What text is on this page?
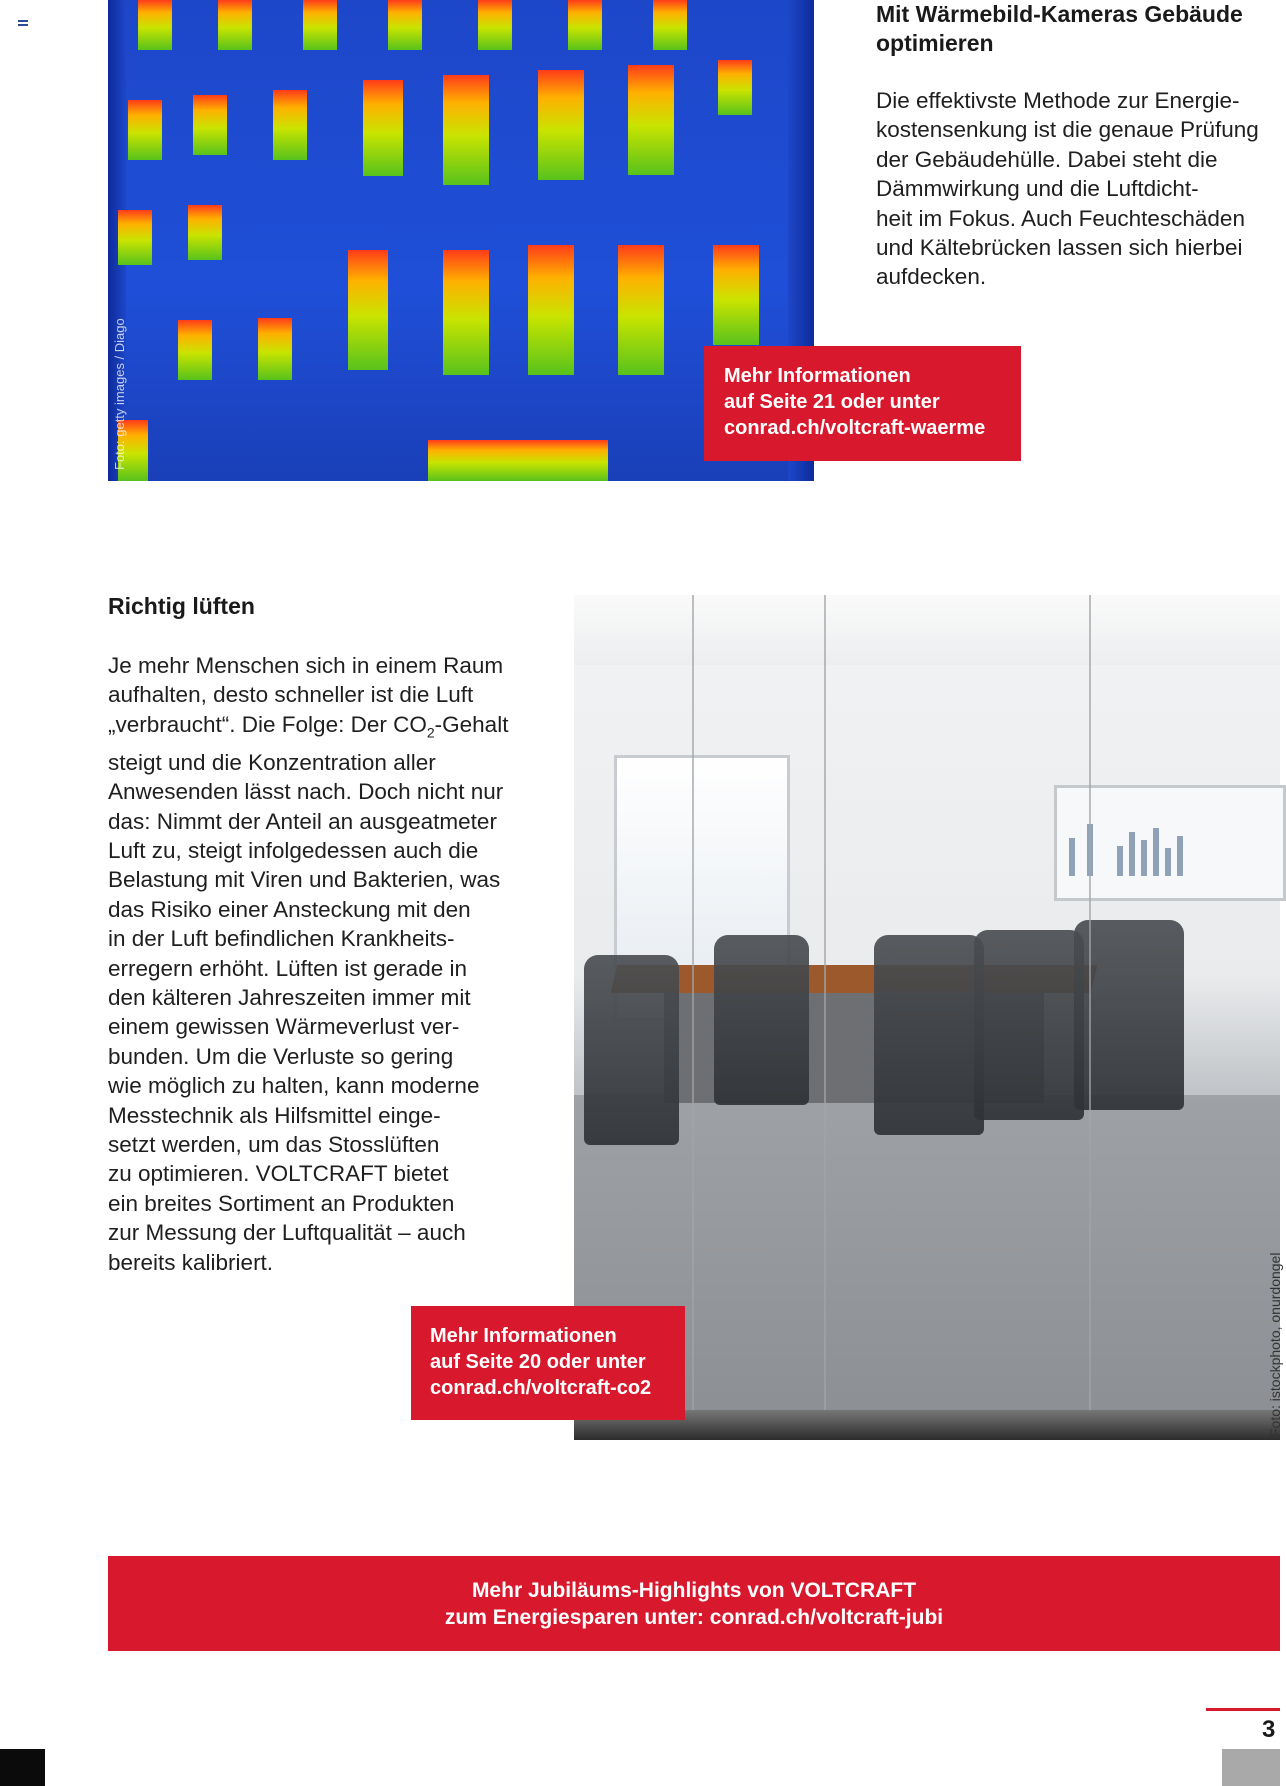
Foto: getty images / Diago
Mit Wärmebild-Kameras Gebäude
optimieren

Die effektivste Methode zur Energie-

kostensenkung ist die genaue Prüfung

der Gebäudehülle. Dabei steht die

Dämmwirkung und die Luftdicht-

heit im Fokus. Auch Feuchteschäden

und Kältebrücken lassen sich hierbei

aufdecken.

Mehr Informationen
auf Seite 21 oder unter
conrad.ch/voltcraft-waerme
Richtig lüften

Je mehr Menschen sich in einem Raum

aufhalten, desto schneller ist die Luft

„verbraucht“. Die Folge: Der $CO_2$-Gehalt

steigt und die Konzentration aller

Anwesenden lässt nach. Doch nicht nur

das: Nimmt der Anteil an ausgeatmeter

Luft zu, steigt infolgedessen auch die

Belastung mit Viren und Bakterien, was

das Risiko einer Ansteckung mit den

in der Luft befindlichen Krankheits-

erregern erhöht. Lüften ist gerade in

den kälteren Jahreszeiten immer mit

einem gewissen Wärmeverlust ver-

bunden. Um die Verluste so gering

wie möglich zu halten, kann moderne

Messtechnik als Hilfsmittel einge-

setzt werden, um das Stosslüften

zu optimieren. VOLTCRAFT bietet

ein breites Sortiment an Produkten

zur Messung der Luftqualität – auch

bereits kalibriert.	Foto: istockphoto, onurdongel
Mehr Informationen
auf Seite 20 oder unter
conrad.ch/voltcraft-co2
Mehr Jubiläums-Highlights von VOLTCRAFT
zum Energiesparen unter: conrad.ch/voltcraft-jubi
3
